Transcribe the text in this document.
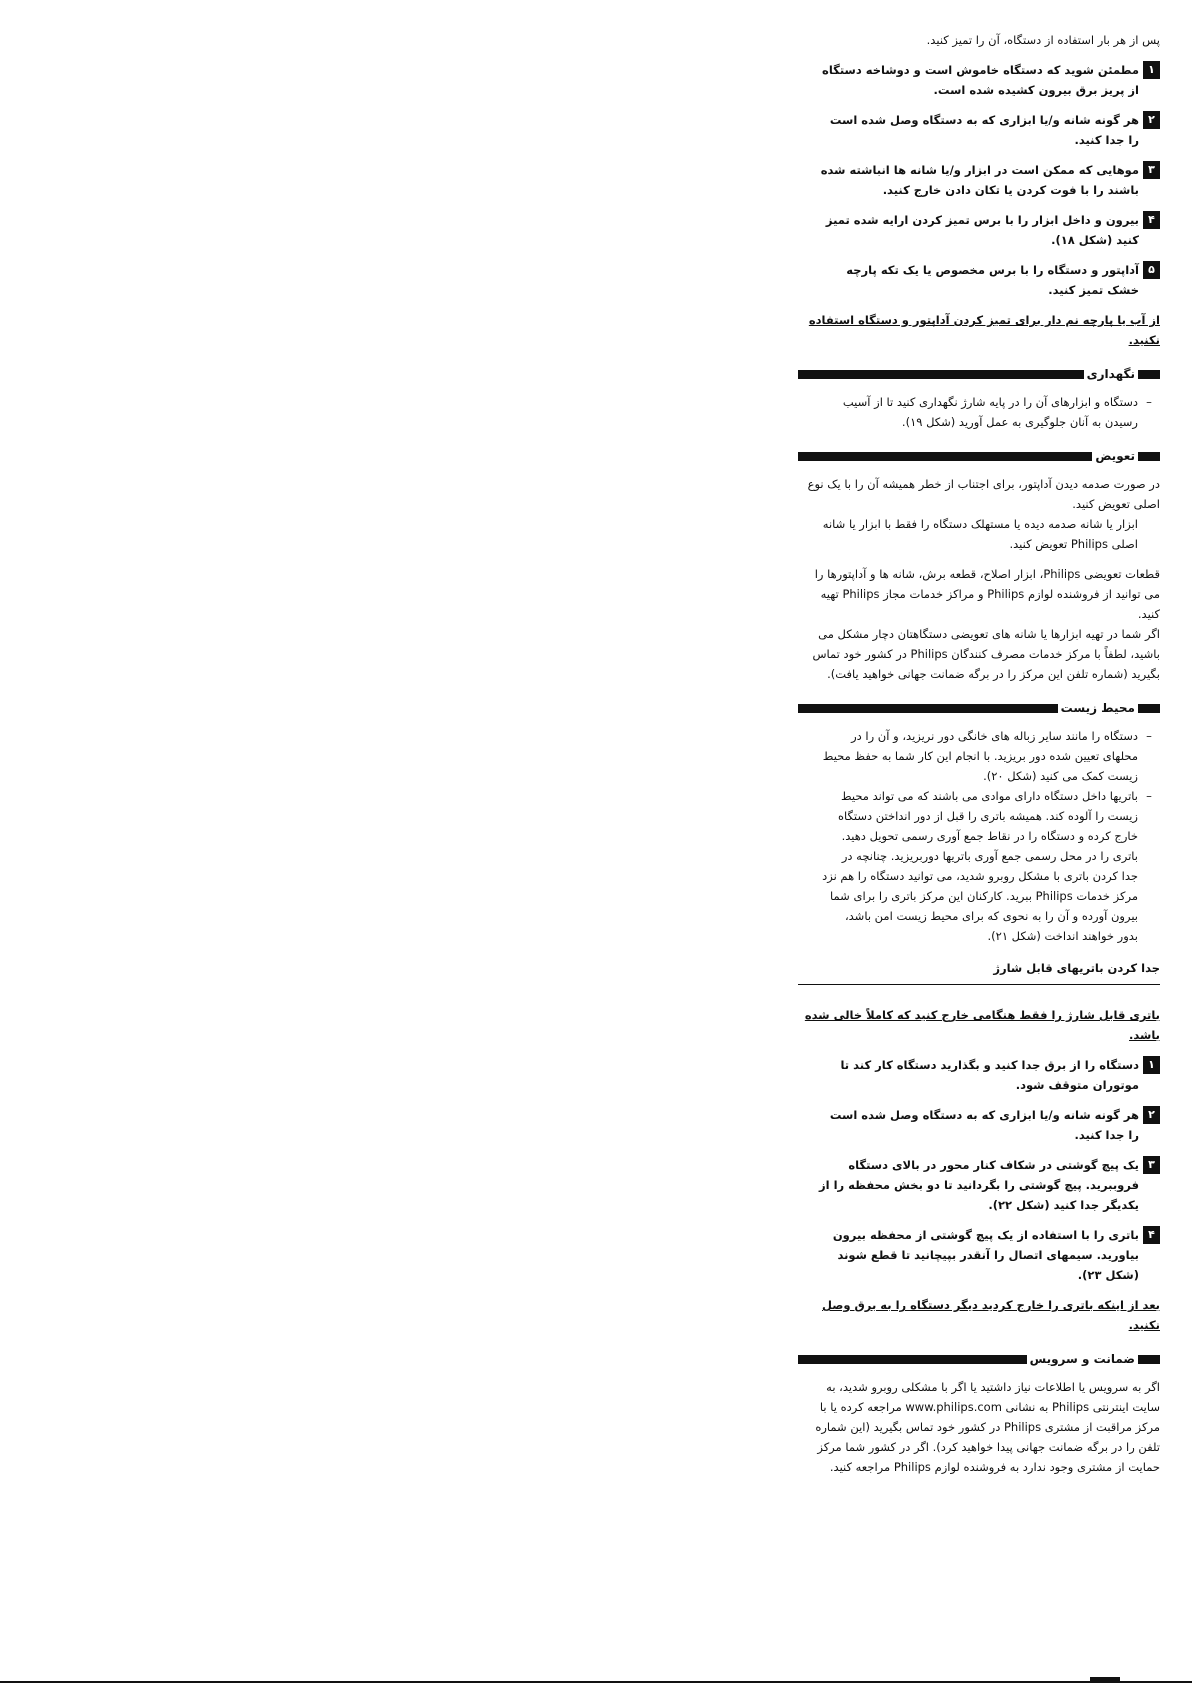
پس از هر بار استفاده از دستگاه، آن را تمیز کنید.

۱
مطمئن شوید که دستگاه خاموش است و دوشاخه دستگاه از پریز برق بیرون کشیده شده است.
۲
هر گونه شانه و/یا ابزاری که به دستگاه وصل شده است را جدا کنید.
۳
موهایی که ممکن است در ابزار و/یا شانه ها انباشته شده باشند را با فوت کردن یا تکان دادن خارج کنید.
۴
بیرون و داخل ابزار را با برس تمیز کردن ارایه شده تمیز کنید (شکل ۱۸).
۵
آداپتور و دستگاه را با برس مخصوص یا یک تکه پارچه خشک تمیز کنید.

از آب یا پارچه نم دار برای تمیز کردن آداپتور و دستگاه استفاده نکنید.

نگهداری
–
دستگاه و ابزارهای آن را در پایه شارژ نگهداری کنید تا از آسیب رسیدن به آنان جلوگیری به عمل آورید (شکل ۱۹).
تعویض

در صورت صدمه دیدن آداپتور، برای اجتناب از خطر همیشه آن را با یک نوع اصلی تعویض کنید.

ابزار یا شانه صدمه دیده یا مستهلک دستگاه را فقط با ابزار یا شانه اصلی Philips تعویض کنید.

قطعات تعویضی Philips، ابزار اصلاح، قطعه برش، شانه ها و آداپتورها را می توانید از فروشنده لوازم Philips و مراکز خدمات مجاز Philips تهیه کنید.

اگر شما در تهیه ابزارها یا شانه های تعویضی دستگاهتان دچار مشکل می باشید، لطفاً با مرکز خدمات مصرف کنندگان Philips در کشور خود تماس بگیرید (شماره تلفن این مرکز را در برگه ضمانت جهانی خواهید یافت).

محیط زیست
–
دستگاه را مانند سایر زباله های خانگی دور نریزید، و آن را در محلهای تعیین شده دور بریزید. با انجام این کار شما به حفظ محیط زیست کمک می کنید (شکل ۲۰).
–
باتریها داخل دستگاه دارای موادی می باشند که می تواند محیط زیست را آلوده کند. همیشه باتری را قبل از دور انداختن دستگاه خارج کرده و دستگاه را در نقاط جمع آوری رسمی تحویل دهید. باتری را در محل رسمی جمع آوری باتریها دوربریزید. چنانچه در جدا کردن باتری با مشکل روبرو شدید، می توانید دستگاه را هم نزد مرکز خدمات Philips ببرید. کارکنان این مرکز باتری را برای شما بیرون آورده و آن را به نحوی که برای محیط زیست امن باشد، بدور خواهند انداخت (شکل ۲۱).
جدا کردن باتریهای قابل شارژ

باتری قابل شارژ را فقط هنگامی خارج کنید که کاملاً خالی شده باشد.

۱
دستگاه را از برق جدا کنید و بگذارید دستگاه کار کند تا موتوران متوقف شود.
۲
هر گونه شانه و/یا ابزاری که به دستگاه وصل شده است را جدا کنید.
۳
یک پیچ گوشتی در شکاف کنار محور در بالای دستگاه فروببرید. پیچ گوشتی را بگردانید تا دو بخش محفظه را از یکدیگر جدا کنید (شکل ۲۲).
۴
باتری را با استفاده از یک پیچ گوشتی از محفظه بیرون بیاورید. سیمهای اتصال را آنقدر بپیچانید تا قطع شوند (شکل ۲۳).

بعد از اینکه باتری را خارج کردید دیگر دستگاه را به برق وصل نکنید.

ضمانت و سرویس

اگر به سرویس یا اطلاعات نیاز داشتید یا اگر با مشکلی روبرو شدید، به سایت اینترنتی Philips به نشانی www.philips.com مراجعه کرده یا با مرکز مراقبت از مشتری Philips در کشور خود تماس بگیرید (این شماره تلفن را در برگه ضمانت جهانی پیدا خواهید کرد). اگر در کشور شما مرکز حمایت از مشتری وجود ندارد به فروشنده لوازم Philips مراجعه کنید.
